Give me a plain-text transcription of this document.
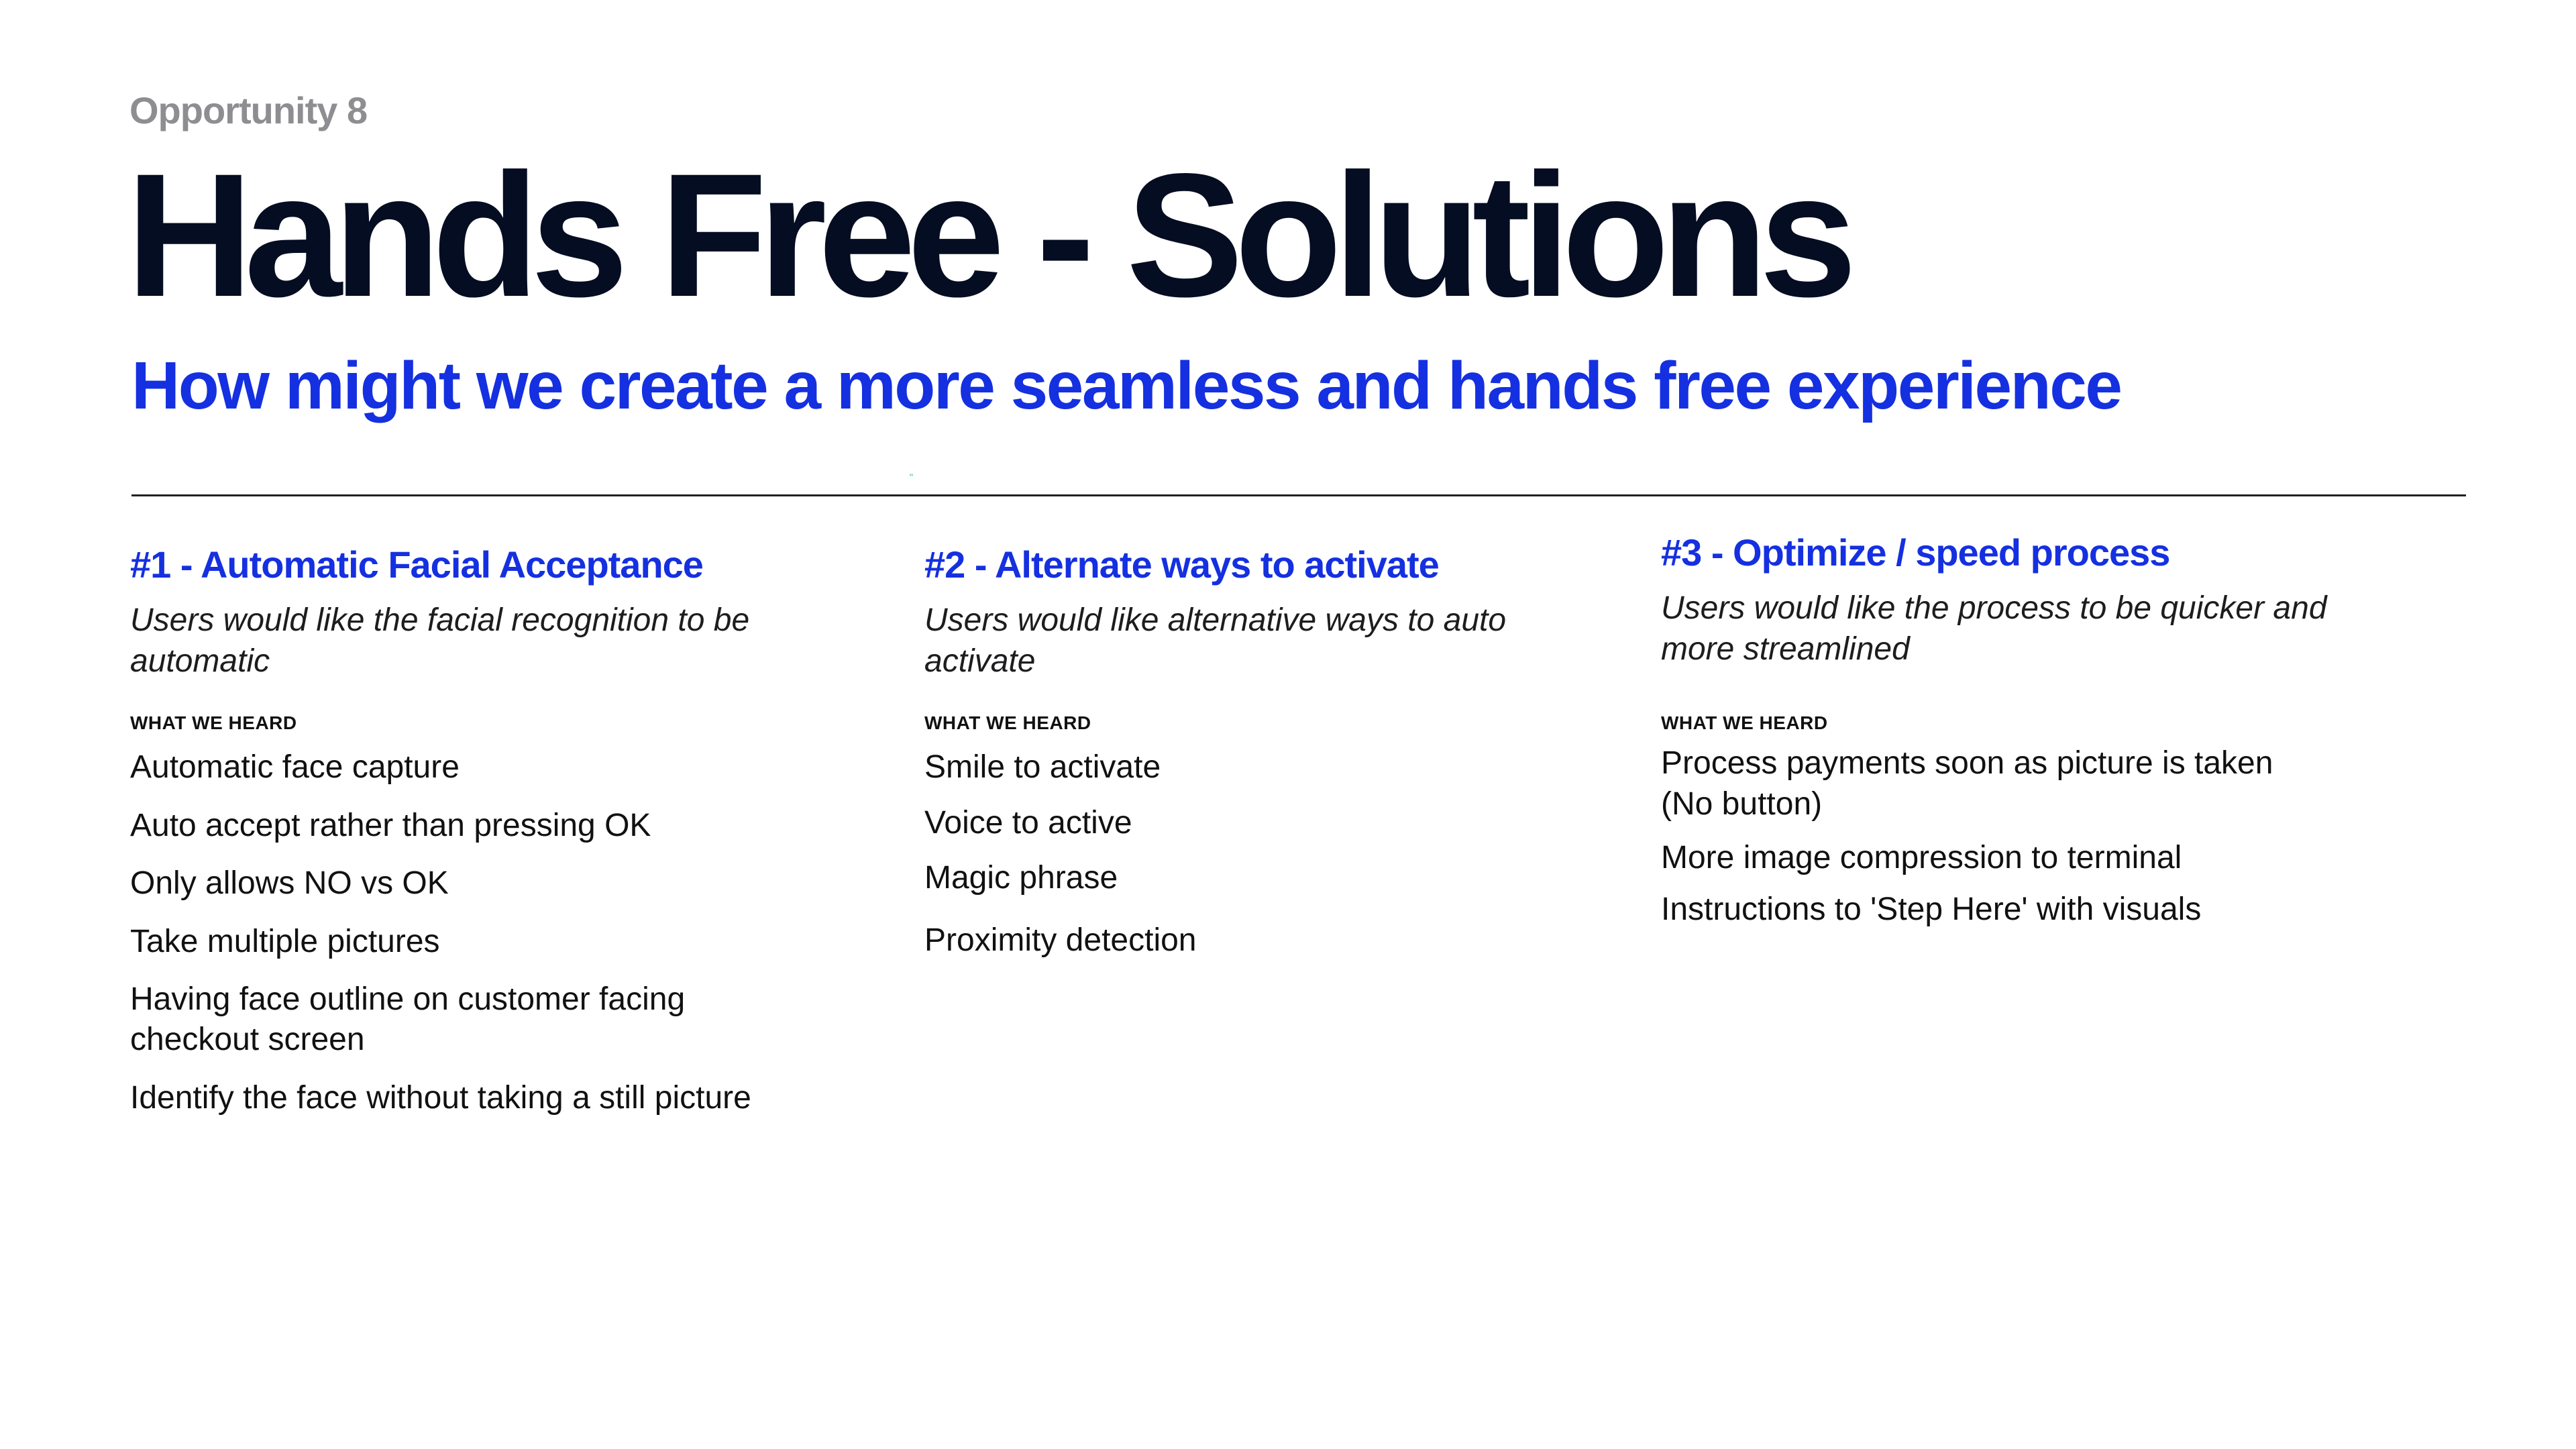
Opportunity 8
Hands Free - Solutions
How might we create a more seamless and hands free experience
"
#1 - Automatic Facial Acceptance

Users would like the facial recognition to be automatic

WHAT WE HEARD

Automatic face capture
Auto accept rather than pressing OK
Only allows NO vs OK
Take multiple pictures
Having face outline on customer facing checkout screen
Identify the face without taking a still picture
#2 - Alternate ways to activate

Users would like alternative ways to auto activate

WHAT WE HEARD

Smile to activate
Voice to active
Magic phrase
Proximity detection
#3 - Optimize / speed process

Users would like the process to be quicker and more streamlined

WHAT WE HEARD

Process payments soon as picture is taken (No button)
More image compression to terminal
Instructions to 'Step Here' with visuals
